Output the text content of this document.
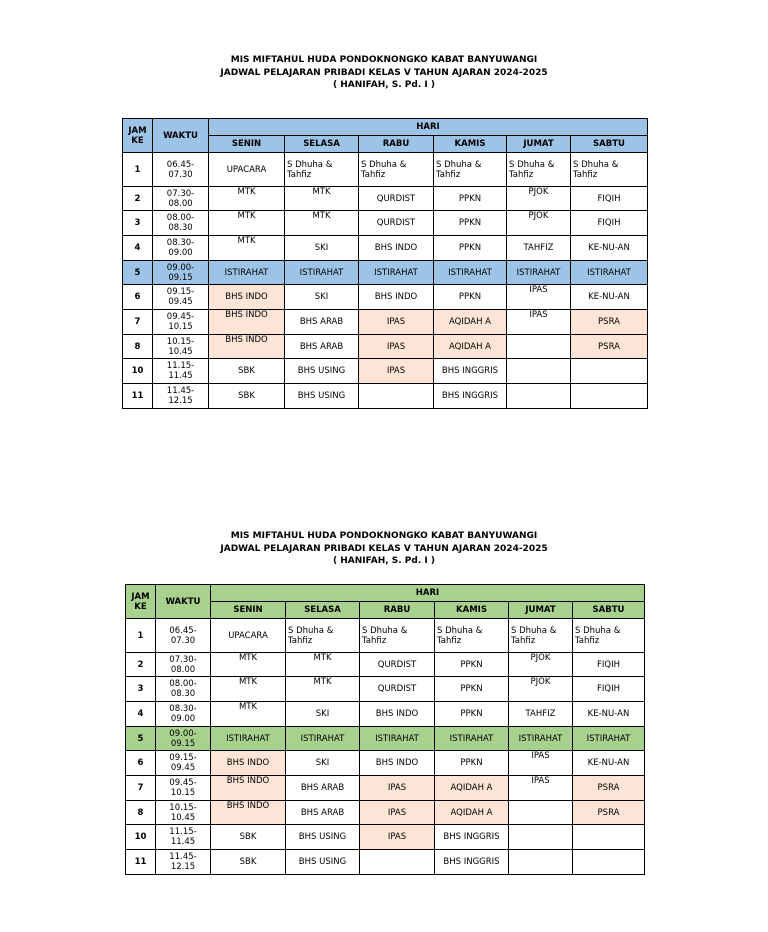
MIS MIFTAHUL HUDA PONDOKNONGKO KABAT BANYUWANGI
JADWAL PELAJARAN PRIBADI KELAS V TAHUN AJARAN 2024-2025
( HANIFAH, S. Pd. I )
JAM
KE	WAKTU	HARI					
		SENIN	SELASA	RABU	KAMIS	JUMAT	SABTU
1	06.45-07.30	UPACARA	S Dhuha & Tahfiz	S Dhuha & Tahfiz	S Dhuha & Tahfiz	S Dhuha & Tahfiz	S Dhuha & Tahfiz
2	07.30-08.00	MTK	MTK	QURDIST	PPKN	PJOK	FIQIH
3	08.00-08.30	MTK	MTK	QURDIST	PPKN	PJOK	FIQIH
4	08.30-09.00	MTK	SKI	BHS INDO	PPKN	TAHFIZ	KE-NU-AN
5	09.00-09.15	ISTIRAHAT	ISTIRAHAT	ISTIRAHAT	ISTIRAHAT	ISTIRAHAT	ISTIRAHAT
6	09.15-09.45	BHS INDO	SKI	BHS INDO	PPKN	IPAS	KE-NU-AN
7	09.45-10.15	BHS INDO	BHS ARAB	IPAS	AQIDAH A	IPAS	PSRA
8	10.15-10.45	BHS INDO	BHS ARAB	IPAS	AQIDAH A		PSRA
10	11.15-11.45	SBK	BHS USING	IPAS	BHS INGGRIS		
11	11.45-12.15	SBK	BHS USING		BHS INGGRIS		
MIS MIFTAHUL HUDA PONDOKNONGKO KABAT BANYUWANGI
JADWAL PELAJARAN PRIBADI KELAS V TAHUN AJARAN 2024-2025
( HANIFAH, S. Pd. I )
JAM
KE	WAKTU	HARI					
		SENIN	SELASA	RABU	KAMIS	JUMAT	SABTU
1	06.45-07.30	UPACARA	S Dhuha & Tahfiz	S Dhuha & Tahfiz	S Dhuha & Tahfiz	S Dhuha & Tahfiz	S Dhuha & Tahfiz
2	07.30-08.00	MTK	MTK	QURDIST	PPKN	PJOK	FIQIH
3	08.00-08.30	MTK	MTK	QURDIST	PPKN	PJOK	FIQIH
4	08.30-09.00	MTK	SKI	BHS INDO	PPKN	TAHFIZ	KE-NU-AN
5	09.00-09.15	ISTIRAHAT	ISTIRAHAT	ISTIRAHAT	ISTIRAHAT	ISTIRAHAT	ISTIRAHAT
6	09.15-09.45	BHS INDO	SKI	BHS INDO	PPKN	IPAS	KE-NU-AN
7	09.45-10.15	BHS INDO	BHS ARAB	IPAS	AQIDAH A	IPAS	PSRA
8	10.15-10.45	BHS INDO	BHS ARAB	IPAS	AQIDAH A		PSRA
10	11.15-11.45	SBK	BHS USING	IPAS	BHS INGGRIS		
11	11.45-12.15	SBK	BHS USING		BHS INGGRIS		
